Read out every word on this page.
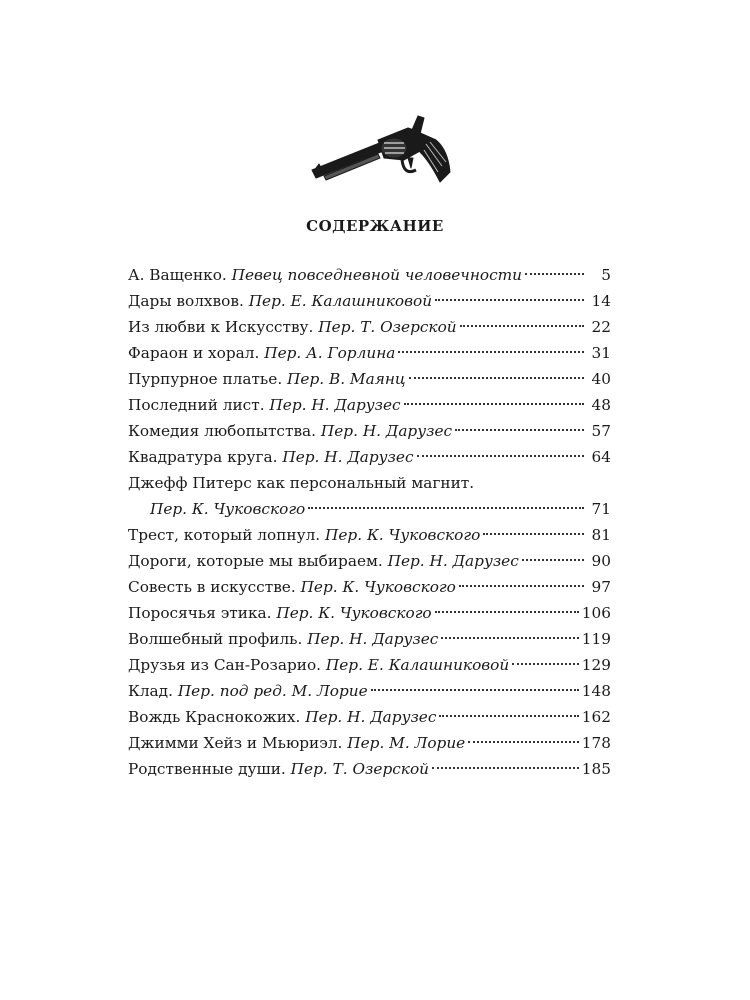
СОДЕРЖАНИЕ
А. Ващенко. Певец повседневной человечности	5
Дары волхвов. Пер. Е. Калашниковой	14
Из любви к Искусству. Пер. Т. Озерской	22
Фараон и хорал. Пер. А. Горлина	31
Пурпурное платье. Пер. В. Маянц	40
Последний лист. Пер. Н. Дарузес	48
Комедия любопытства. Пер. Н. Дарузес	57
Квадратура круга. Пер. Н. Дарузес	64
Джефф Питерс как персональный магнит.
Пер. К. Чуковского	71
Трест, который лопнул. Пер. К. Чуковского	81
Дороги, которые мы выбираем. Пер. Н. Дарузес	90
Совесть в искусстве. Пер. К. Чуковского	97
Поросячья этика. Пер. К. Чуковского	106
Волшебный профиль. Пер. Н. Дарузес	119
Друзья из Сан-Розарио. Пер. Е. Калашниковой	129
Клад. Пер. под ред. М. Лорие	148
Вождь Краснокожих. Пер. Н. Дарузес	162
Джимми Хейз и Мьюриэл. Пер. М. Лорие	178
Родственные души. Пер. Т. Озерской	185
